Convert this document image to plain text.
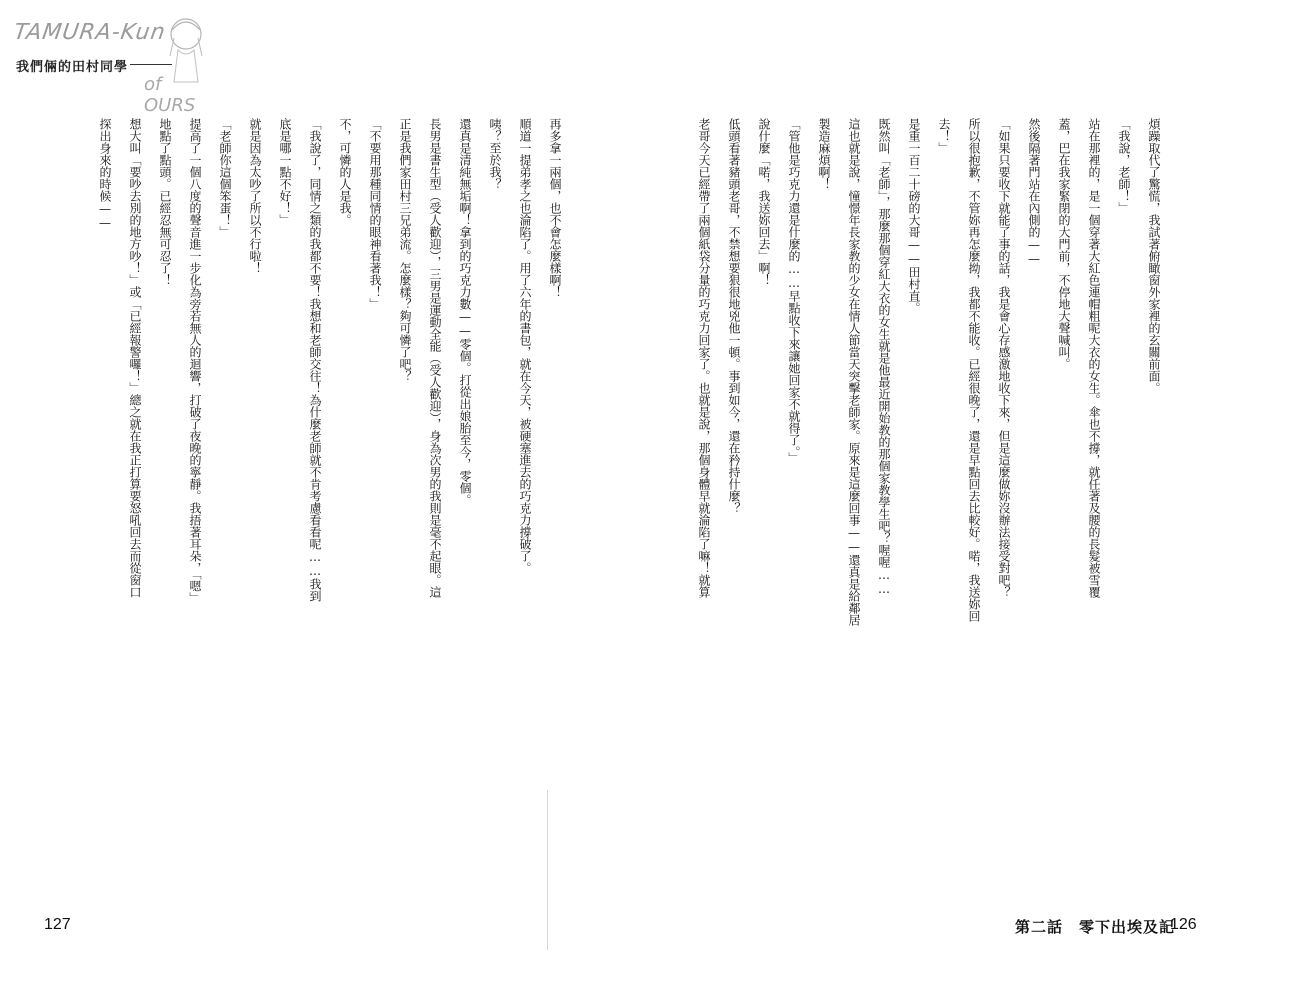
TAMURA-Kun
of OURS
我們倆的田村同學
煩躁取代了驚慌，我試著俯瞰窗外家裡的玄關前面。
「我說，老師！」
站在那裡的，是一個穿著大紅色連帽粗呢大衣的女生。傘也不撐，就任著及腰的長髮被雪覆
蓋，巴在我家緊閉的大門前，不停地大聲喊叫。
然後隔著門站在內側的——
「如果只要收下就能了事的話，我是會心存感激地收下來，但是這麼做妳沒辦法接受對吧？
所以很抱歉，不管妳再怎麼拗，我都不能收。已經很晚了，還是早點回去比較好。喏，我送妳回
去！」
是重一百二十磅的大哥——田村直。
既然叫「老師」，那麼那個穿紅大衣的女生就是他最近開始教的那個家教學生吧？喔喔……
這也就是說，憧憬年長家教的少女在情人節當天突擊老師家。原來是這麼回事——還真是給鄰居
製造麻煩啊！
「管他是巧克力還是什麼的……早點收下來讓她回家不就得了。」
說什麼「喏，我送妳回去」啊！
低頭看著豬頭老哥，不禁想要狠很地兇他一頓。事到如今，還在矜持什麼？
老哥今天已經帶了兩個紙袋分量的巧克力回家了。也就是說，那個身體早就淪陷了嘛！就算
第二話　零下出埃及記
126
再多拿一兩個，也不會怎麼樣啊！
順道一提弟孝之也淪陷了。用了六年的書包，就在今天，被硬塞進去的巧克力撐破了。
咦？至於我？
還真是清純無垢啊！拿到的巧克力數——零個。打從出娘胎至今，零個。
長男是書生型（受人歡迎），三男是運動全能（受人歡迎），身為次男的我則是毫不起眼。這
正是我們家田村三兄弟流。怎麼樣？夠可憐了吧？
「不要用那種同情的眼神看著我！」
不，可憐的人是我。
「我說了，同情之類的我都不要！我想和老師交往！為什麼老師就不肯考慮看看呢……我到
底是哪一點不好！」
就是因為太吵了所以不行啦！
「老師你這個笨蛋！」
提高了一個八度的聲音進一步化為旁若無人的迴響，打破了夜晚的寧靜。我捂著耳朵，「嗯」
地點了點頭。已經忍無可忍了！
想大叫「要吵去別的地方吵！」或「已經報警囉！」總之就在我正打算要怒吼回去而從窗口
探出身來的時候——
127
